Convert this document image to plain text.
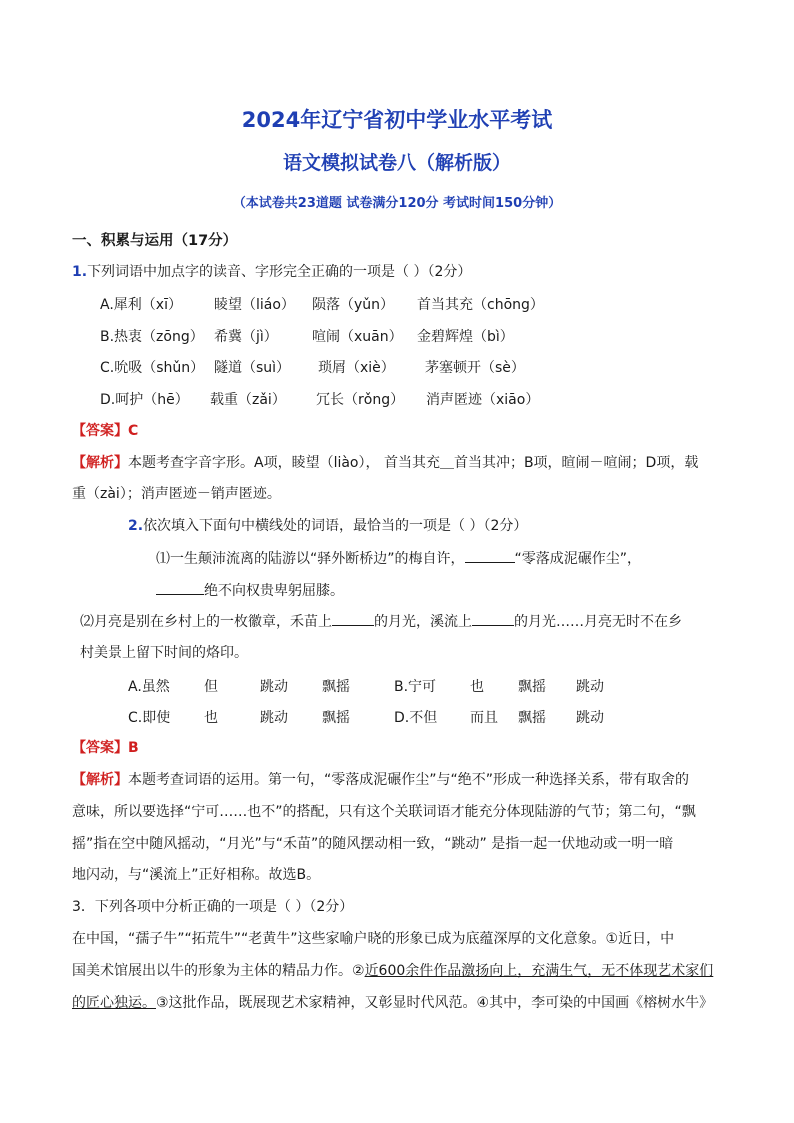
2024年辽宁省初中学业水平考试
语文模拟试卷八（解析版）
（本试卷共23道题 试卷满分120分 考试时间150分钟）
一、积累与运用（17分）
1.下列词语中加点字的读音、字形完全正确的一项是（ ）（2分）
A.犀利（xī） 睖望（liáo） 陨落（yǔn） 首当其充（chōng）
B.热衷（zōng） 希冀（jì） 喧闹（xuān） 金碧辉煌（bì）
C.吮吸（shǔn） 隧道（suì） 琐屑（xiè） 茅塞顿开（sè）
D.呵护（hē） 载重（zǎi） 冗长（rǒng） 消声匿迹（xiāo）
【答案】C
【解析】本题考查字音字形。A项，睖望（liào）， 首当其充＿首当其冲；B项，暄闹－喧闹；D项，载
重（zài）；消声匿迹－销声匿迹。
2.依次填入下面句中横线处的词语，最恰当的一项是（ ）（2分）
⑴一生颠沛流离的陆游以“驿外断桥边”的梅自许，	“零落成泥碾作尘”，
绝不向权贵卑躬屈膝。
⑵月亮是别在乡村上的一枚徽章，禾苗上	的月光，溪流上	的月光……月亮无时不在乡
村美景上留下时间的烙印。
A.虽然 但	跳动 飘摇	B.宁可 也 飘摇 跳动
C.即使 也	跳动 飘摇	D.不但 而且 飘摇 跳动
【答案】B
【解析】本题考查词语的运用。第一句，“零落成泥碾作尘”与“绝不”形成一种选择关系，带有取舍的
意味，所以要选择“宁可……也不”的搭配，只有这个关联词语才能充分体现陆游的气节；第二句，“飘
摇”指在空中随风摇动，“月光”与“禾苗”的随风摆动相一致，“跳动” 是指一起一伏地动或一明一暗
地闪动，与“溪流上”正好相称。故选B。
3．下列各项中分析正确的一项是（ ）（2分）
在中国，“孺子牛”“拓荒牛”“老黄牛”这些家喻户晓的形象已成为底蕴深厚的文化意象。①近日，中
国美术馆展出以牛的形象为主体的精品力作。②近600余件作品激扬向上，充满生气，无不体现艺术家们
的匠心独运。③这批作品，既展现艺术家精神，又彰显时代风范。④其中，李可染的中国画《榕树水牛》
